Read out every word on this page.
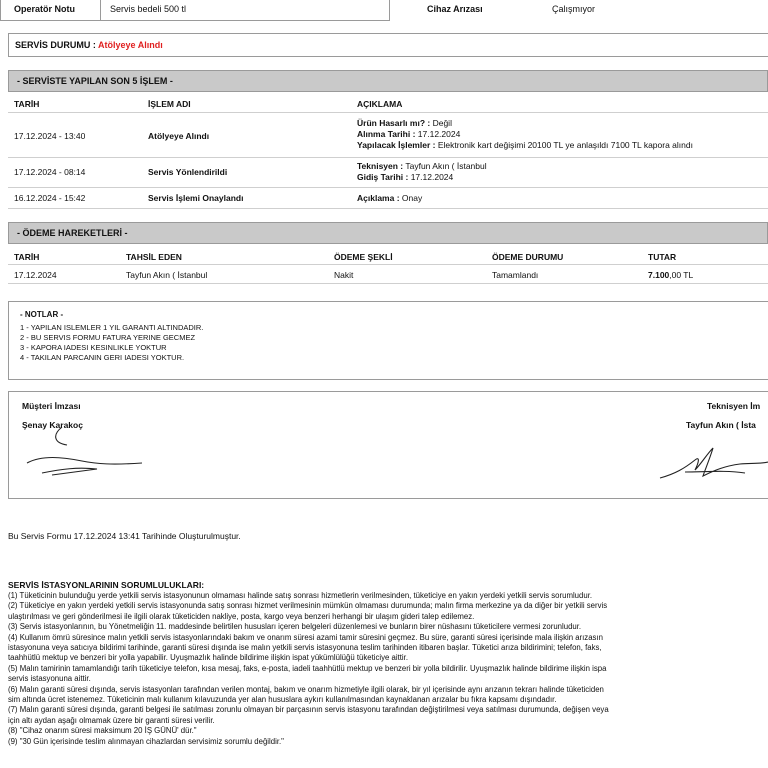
Operatör Notu	Servis bedeli 500 tl	Cihaz Arızası	Çalışmıyor
SERVİS DURUMU : Atölyeye Alındı
- SERVİSTE YAPILAN SON 5 İŞLEM -
TARİH	İŞLEM ADI	AÇIKLAMA
17.12.2024 - 13:40	Atölyeye Alındı
Ürün Hasarlı mı? : Değil
Alınma Tarihi : 17.12.2024
Yapılacak İşlemler : Elektronik kart değişimi 20100 TL ye anlaşıldı 7100 TL kapora alındı
17.12.2024 - 08:14	Servis Yönlendirildi
Teknisyen : Tayfun Akın ( İstanbul
Gidiş Tarihi : 17.12.2024
16.12.2024 - 15:42	Servis İşlemi Onaylandı	Açıklama : Onay
- ÖDEME HAREKETLERİ -
TARİH	TAHSİL EDEN	ÖDEME ŞEKLİ	ÖDEME DURUMU	TUTAR
17.12.2024	Tayfun Akın ( İstanbul	Nakit	Tamamlandı	7.100,00 TL
- NOTLAR -
1 - YAPILAN ISLEMLER 1 YIL GARANTI ALTINDADIR.
2 - BU SERVIS FORMU FATURA YERINE GECMEZ
3 - KAPORA IADESI KESINLIKLE YOKTUR
4 - TAKILAN PARCANIN GERI IADESI YOKTUR.
Müşteri İmzası
Şenay Karakoç
Teknisyen İm
Tayfun Akın ( İsta
Bu Servis Formu 17.12.2024 13:41 Tarihinde Oluşturulmuştur.
SERVİS İSTASYONLARININ SORUMLULUKLARI:
(1) Tüketicinin bulunduğu yerde yetkili servis istasyonunun olmaması halinde satış sonrası hizmetlerin verilmesinden, tüketiciye en yakın yerdeki yetkili servis sorumludur.
(2) Tüketiciye en yakın yerdeki yetkili servis istasyonunda satış sonrası hizmet verilmesinin mümkün olmaması durumunda; malın firma merkezine ya da diğer bir yetkili servis
ulaştırılması ve geri gönderilmesi ile ilgili olarak tüketiciden nakliye, posta, kargo veya benzeri herhangi bir ulaşım gideri talep edilemez.
(3) Servis istasyonlarının, bu Yönetmeliğin 11. maddesinde belirtilen hususları içeren belgeleri düzenlemesi ve bunların birer nüshasını tüketicilere vermesi zorunludur.
(4) Kullanım ömrü süresince malın yetkili servis istasyonlarındaki bakım ve onarım süresi azami tamir süresini geçmez. Bu süre, garanti süresi içerisinde mala ilişkin arızasın
istasyonuna veya satıcıya bildirimi tarihinde, garanti süresi dışında ise malın yetkili servis istasyonuna teslim tarihinden itibaren başlar. Tüketici arıza bildirimini; telefon, faks,
taahhütlü mektup ve benzeri bir yolla yapabilir. Uyuşmazlık halinde bildirime ilişkin ispat yükümlülüğü tüketiciye aittir.
(5) Malın tamirinin tamamlandığı tarih tüketiciye telefon, kısa mesaj, faks, e-posta, iadeli taahhütlü mektup ve benzeri bir yolla bildirilir. Uyuşmazlık halinde bildirime ilişkin ispa
servis istasyonuna aittir.
(6) Malın garanti süresi dışında, servis istasyonları tarafından verilen montaj, bakım ve onarım hizmetiyle ilgili olarak, bir yıl içerisinde aynı arızanın tekrarı halinde tüketiciden
sim altında ücret istenemez. Tüketicinin malı kullanım kılavuzunda yer alan hususlara aykırı kullanılmasından kaynaklanan arızalar bu fıkra kapsamı dışındadır.
(7) Malın garanti süresi dışında, garanti belgesi ile satılması zorunlu olmayan bir parçasının servis istasyonu tarafından değiştirilmesi veya satılması durumunda, değişen veya
için altı aydan aşağı olmamak üzere bir garanti süresi verilir.
(8) "Cihaz onarım süresi maksimum 20 İŞ GÜNÜ' dür."
(9) "30 Gün içerisinde teslim alınmayan cihazlardan servisimiz sorumlu değildir."
